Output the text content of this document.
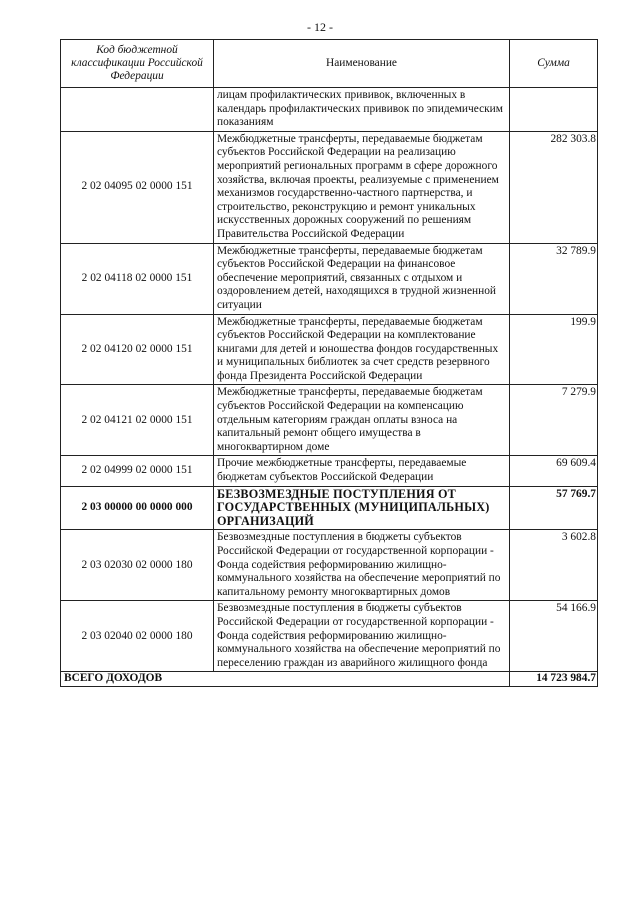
- 12 -
Код бюджетной классификации Российской Федерации	Наименование	Сумма
	лицам профилактических прививок, включенных в календарь профилактических прививок по эпидемическим показаниям	
2 02 04095 02 0000 151	Межбюджетные трансферты, передаваемые бюджетам субъектов Российской Федерации на реализацию мероприятий региональных программ в сфере дорожного хозяйства, включая проекты, реализуемые с применением механизмов государственно-частного партнерства, и строительство, реконструкцию и ремонт уникальных искусственных дорожных сооружений по решениям Правительства Российской Федерации	282 303.8
2 02 04118 02 0000 151	Межбюджетные трансферты, передаваемые бюджетам субъектов Российской Федерации на финансовое обеспечение мероприятий, связанных с отдыхом и оздоровлением детей, находящихся в трудной жизненной ситуации	32 789.9
2 02 04120 02 0000 151	Межбюджетные трансферты, передаваемые бюджетам субъектов Российской Федерации на комплектование книгами для детей и юношества фондов государственных и муниципальных библиотек за счет средств резервного фонда Президента Российской Федерации	199.9
2 02 04121 02 0000 151	Межбюджетные трансферты, передаваемые бюджетам субъектов Российской Федерации на компенсацию отдельным категориям граждан оплаты взноса на капитальный ремонт общего имущества в многоквартирном доме	7 279.9
2 02 04999 02 0000 151	Прочие межбюджетные трансферты, передаваемые бюджетам субъектов Российской Федерации	69 609.4
2 03 00000 00 0000 000	БЕЗВОЗМЕЗДНЫЕ ПОСТУПЛЕНИЯ ОТ ГОСУДАРСТВЕННЫХ (МУНИЦИПАЛЬНЫХ) ОРГАНИЗАЦИЙ	57 769.7
2 03 02030 02 0000 180	Безвозмездные поступления в бюджеты субъектов Российской Федерации от государственной корпорации - Фонда содействия реформированию жилищно-коммунального хозяйства на обеспечение мероприятий по капитальному ремонту многоквартирных домов	3 602.8
2 03 02040 02 0000 180	Безвозмездные поступления в бюджеты субъектов Российской Федерации от государственной корпорации - Фонда содействия реформированию жилищно-коммунального хозяйства на обеспечение мероприятий по переселению граждан из аварийного жилищного фонда	54 166.9
ВСЕГО ДОХОДОВ		14 723 984.7
